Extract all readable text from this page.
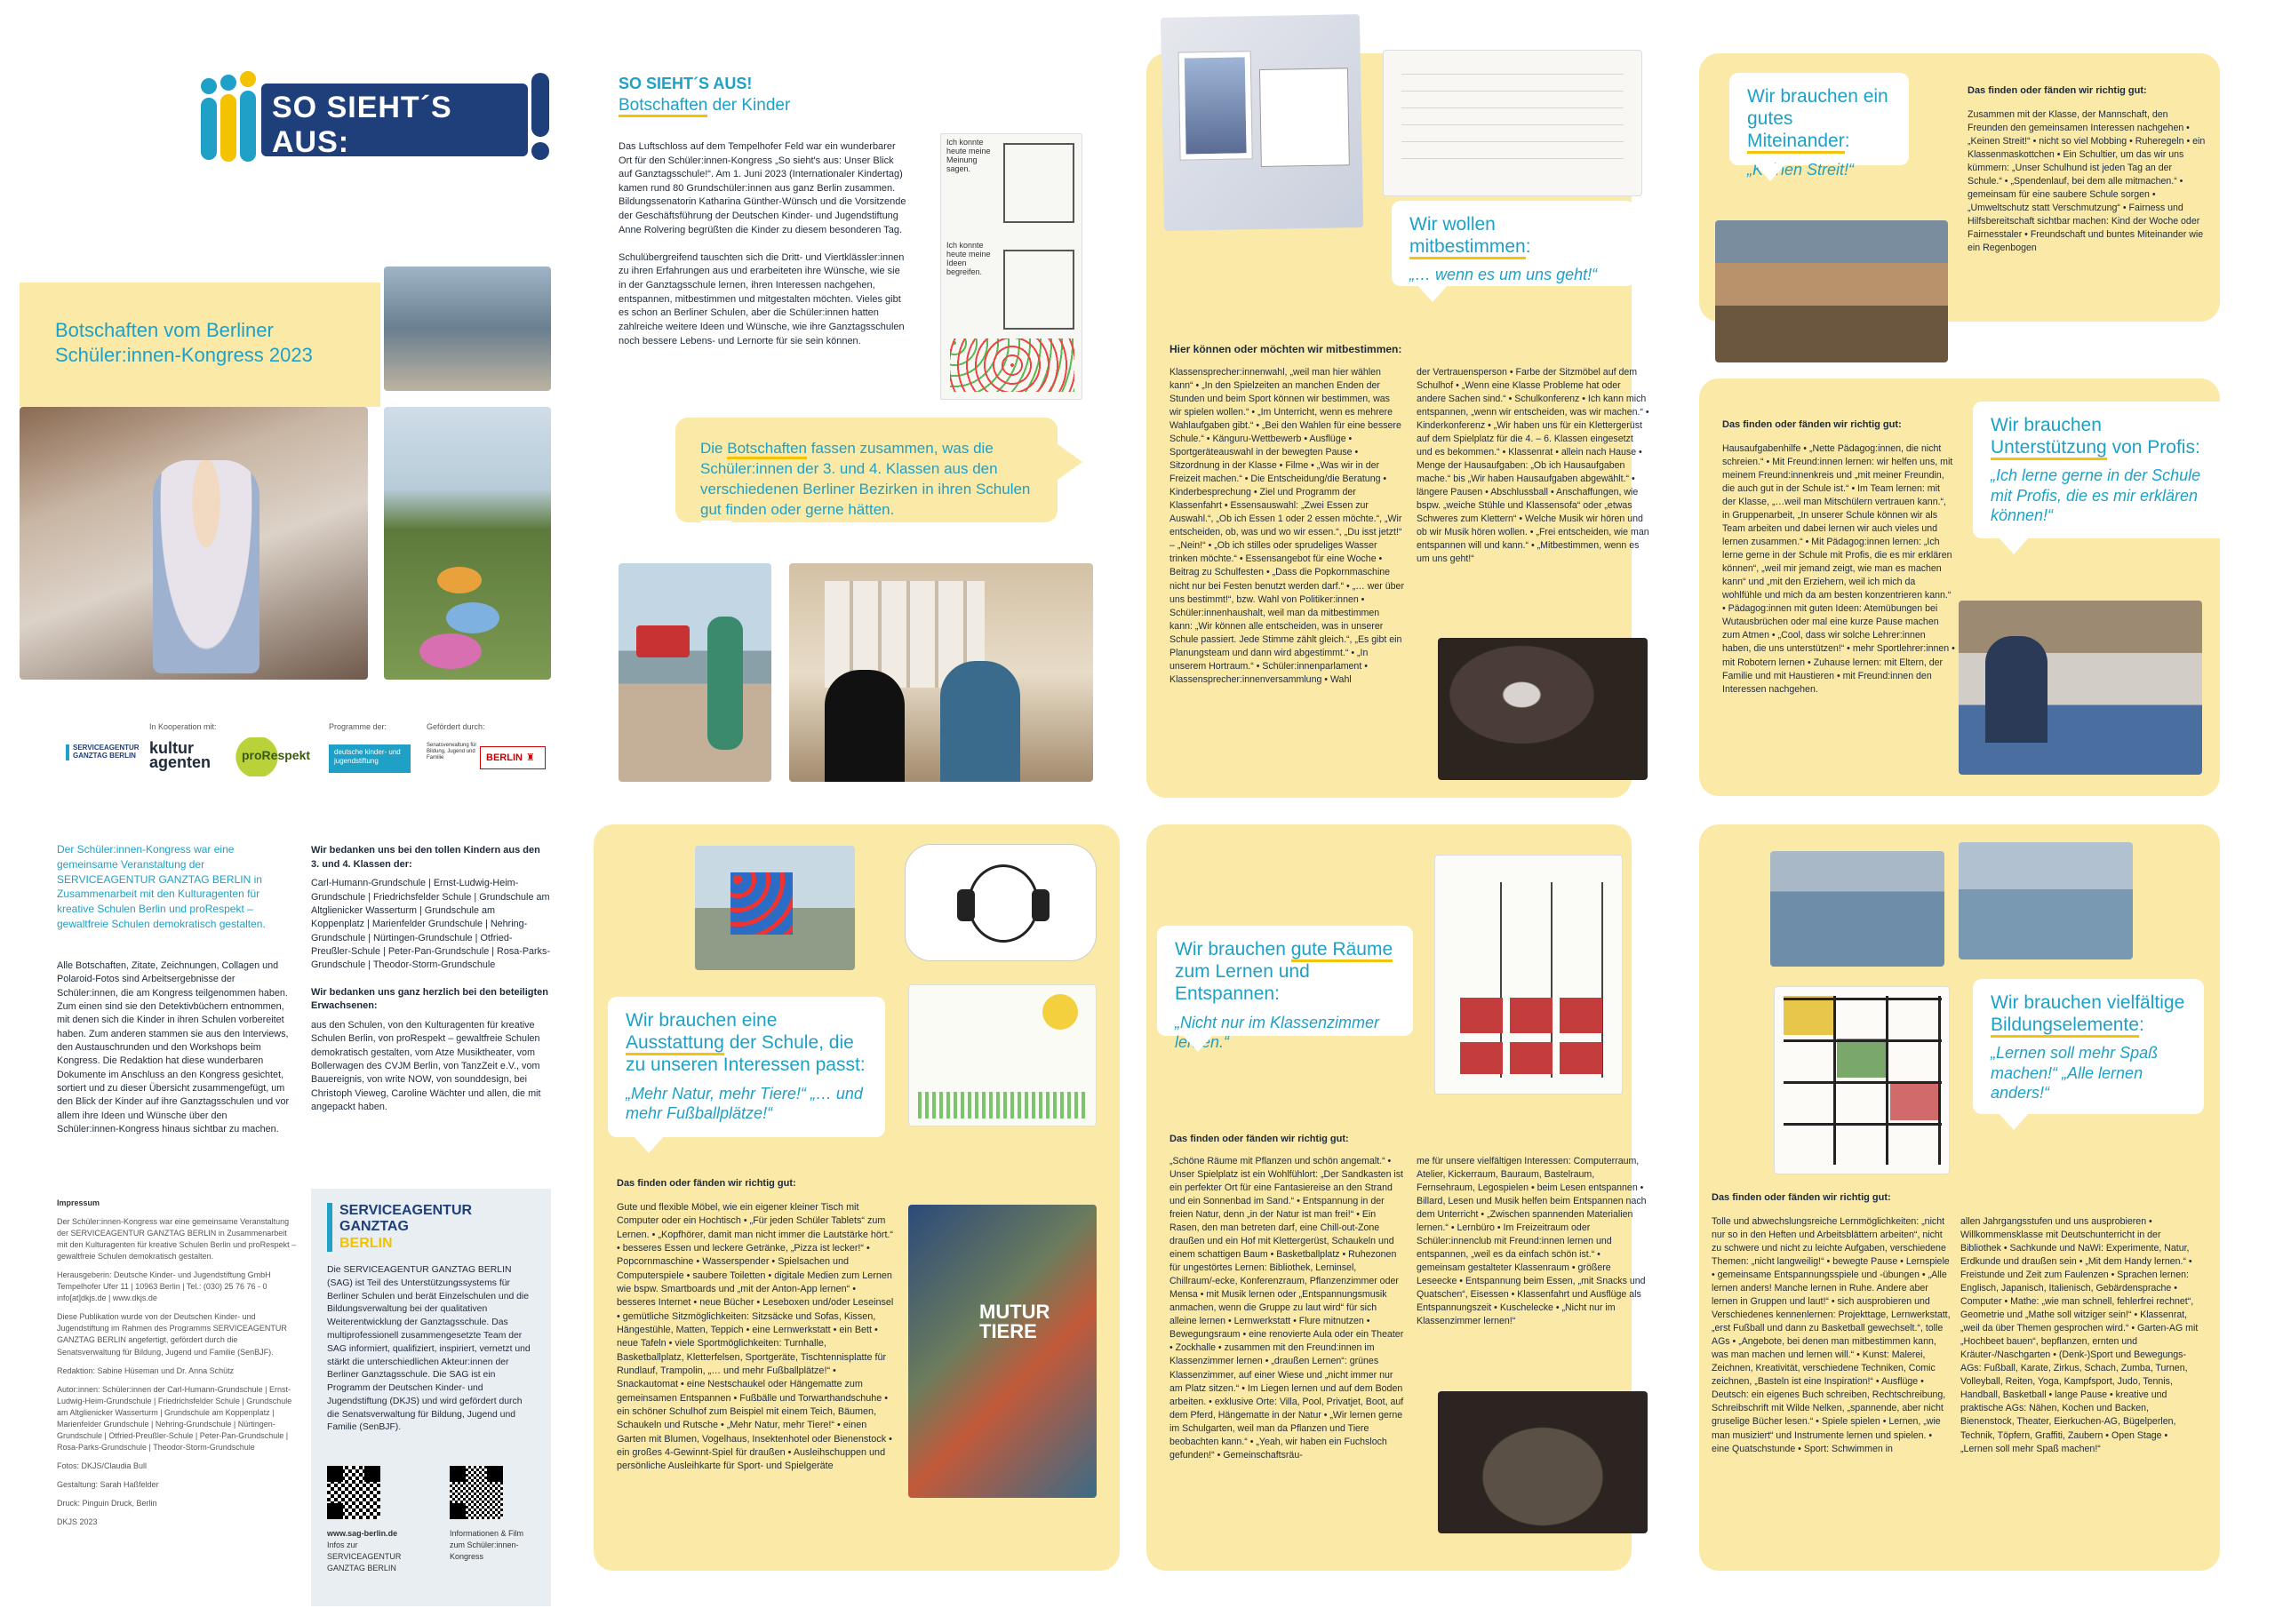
SO SIEHT´S AUS:
Unser Blick auf Ganztagsschule
Botschaften vom Berliner Schüler:innen-Kongress 2023
In Kooperation mit:	Programme der:	Gefördert durch:
SERVICEAGENTUR GANZTAG BERLIN kultur agenten	proRespekt	deutsche kinder- und jugendstiftung
Senatsverwaltung für Bildung, Jugend und Familie	BERLIN ♜
SO SIEHT´S AUS!
Botschaften der Kinder

Das Luftschloss auf dem Tempelhofer Feld war ein wunderbarer Ort für den Schüler:innen-Kongress „So sieht's aus: Unser Blick auf Ganztagsschule!“. Am 1. Juni 2023 (Internationaler Kindertag) kamen rund 80 Grundschüler:innen aus ganz Berlin zusammen. Bildungssenatorin Katharina Günther-Wünsch und die Vorsitzende der Geschäftsführung der Deutschen Kinder- und Jugendstiftung Anne Rolvering begrüßten die Kinder zu diesem besonderen Tag.

Schulübergreifend tauschten sich die Dritt- und Viertklässler:innen zu ihren Erfahrungen aus und erarbeiteten ihre Wünsche, wie sie in der Ganztagsschule lernen, ihren Interessen nachgehen, entspannen, mitbestimmen und mitgestalten möchten. Vieles gibt es schon an Berliner Schulen, aber die Schüler:innen hatten zahlreiche weitere Ideen und Wünsche, wie ihre Ganztagsschulen noch bessere Lebens- und Lernorte für sie sein können.

Ich konnte heute meine Meinung sagen.
Ich konnte heute meine Ideen begreifen.
Die Botschaften fassen zusammen, was die Schüler:innen der 3. und 4. Klassen aus den verschiedenen Berliner Bezirken in ihren Schulen gut finden oder gerne hätten.
Wir wollen mitbestimmen:
„… wenn es um uns geht!“
Hier können oder möchten wir mitbestimmen:
Klassensprecher:innenwahl, „weil man hier wählen kann“ • „In den Spielzeiten an manchen Enden der Stunden und beim Sport können wir bestimmen, was wir spielen wollen.“ • „Im Unterricht, wenn es mehrere Wahlaufgaben gibt.“ • „Bei den Wahlen für eine bessere Schule.“ • Känguru-Wettbewerb • Ausflüge • Sportgeräteauswahl in der bewegten Pause • Sitzordnung in der Klasse • Filme • „Was wir in der Freizeit machen.“ • Die Entscheidung/die Beratung • Kinderbesprechung • Ziel und Programm der Klassenfahrt • Essensauswahl: „Zwei Essen zur Auswahl.“, „Ob ich Essen 1 oder 2 essen möchte.“, „Wir entscheiden, ob, was und wo wir essen.“, „Du isst jetzt!“ – „Nein!“ • „Ob ich stilles oder sprudeliges Wasser trinken möchte.“ • Essensangebot für eine Woche • Beitrag zu Schulfesten • „Dass die Popkornmaschine nicht nur bei Festen benutzt werden darf.“ • „… wer über uns bestimmt!“, bzw. Wahl von Politiker:innen • Schüler:innenhaushalt, weil man da mitbestimmen kann: „Wir können alle entscheiden, was in unserer Schule passiert. Jede Stimme zählt gleich.“, „Es gibt ein Planungsteam und dann wird abgestimmt.“ • „In unserem Hortraum.“ • Schüler:innenparlament • Klassensprecher:innenversammlung • Wahl
der Vertrauensperson • Farbe der Sitzmöbel auf dem Schulhof • „Wenn eine Klasse Probleme hat oder andere Sachen sind.“ • Schulkonferenz • Ich kann mich entspannen, „wenn wir entscheiden, was wir machen.“ • Kinderkonferenz • „Wir haben uns für ein Klettergerüst auf dem Spielplatz für die 4. – 6. Klassen eingesetzt und es bekommen.“ • Klassenrat • allein nach Hause • Menge der Hausaufgaben: „Ob ich Hausaufgaben mache.“ bis „Wir haben Hausaufgaben abgewählt.“ • längere Pausen • Abschlussball • Anschaffungen, wie bspw. „weiche Stühle und Klassensofa“ oder „etwas Schweres zum Klettern“ • Welche Musik wir hören und ob wir Musik hören wollen. • „Frei entscheiden, wie man entspannen will und kann.“ • „Mitbestimmen, wenn es um uns geht!“
Wir brauchen ein gutes Miteinander:
„Keinen Streit!“
Das finden oder fänden wir richtig gut:
Zusammen mit der Klasse, der Mannschaft, den Freunden den gemeinsamen Interessen nachgehen • „Keinen Streit!“ • nicht so viel Mobbing • Ruheregeln • ein Klassenmaskottchen • Ein Schultier, um das wir uns kümmern: „Unser Schulhund ist jeden Tag an der Schule.“ • „Spendenlauf, bei dem alle mitmachen.“ • gemeinsam für eine saubere Schule sorgen • „Umweltschutz statt Verschmutzung“ • Fairness und Hilfsbereitschaft sichtbar machen: Kind der Woche oder Fairnesstaler • Freundschaft und buntes Miteinander wie ein Regenbogen
Wir brauchen Unterstützung von Profis:
„Ich lerne gerne in der Schule mit Profis, die es mir erklären können!“
Das finden oder fänden wir richtig gut:
Hausaufgabenhilfe • „Nette Pädagog:innen, die nicht schreien.“ • Mit Freund:innen lernen: wir helfen uns, mit meinem Freund:innenkreis und „mit meiner Freundin, die auch gut in der Schule ist.“ • Im Team lernen: mit der Klasse, „…weil man Mitschülern vertrauen kann.“, in Gruppenarbeit, „In unserer Schule können wir als Team arbeiten und dabei lernen wir auch vieles und lernen zusammen.“ • Mit Pädagog:innen lernen: „Ich lerne gerne in der Schule mit Profis, die es mir erklären können“, „weil mir jemand zeigt, wie man es machen kann“ und „mit den Erziehern, weil ich mich da wohlfühle und mich da am besten konzentrieren kann.“ • Pädagog:innen mit guten Ideen: Atemübungen bei Wutausbrüchen oder mal eine kurze Pause machen zum Atmen • „Cool, dass wir solche Lehrer:innen haben, die uns unterstützen!“ • mehr Sportlehrer:innen • mit Robotern lernen • Zuhause lernen: mit Eltern, der Familie und mit Haustieren • mit Freund:innen den Interessen nachgehen.
Der Schüler:innen-Kongress war eine gemeinsame Veranstaltung der SERVICEAGENTUR GANZTAG BERLIN in Zusammenarbeit mit den Kulturagenten für kreative Schulen Berlin und proRespekt – gewaltfreie Schulen demokratisch gestalten.
Alle Botschaften, Zitate, Zeichnungen, Collagen und Polaroid-Fotos sind Arbeitsergebnisse der Schüler:innen, die am Kongress teilgenommen haben. Zum einen sind sie den Detektivbüchern entnommen, mit denen sich die Kinder in ihren Schulen vorbereitet haben. Zum anderen stammen sie aus den Interviews, den Austauschrunden und den Workshops beim Kongress. Die Redaktion hat diese wunderbaren Dokumente im Anschluss an den Kongress gesichtet, sortiert und zu dieser Übersicht zusammengefügt, um den Blick der Kinder auf ihre Ganztagsschulen und vor allem ihre Ideen und Wünsche über den Schüler:innen-Kongress hinaus sichtbar zu machen.

Wir bedanken uns bei den tollen Kindern aus den 3. und 4. Klassen der:

Carl-Humann-Grundschule | Ernst-Ludwig-Heim-Grundschule | Friedrichsfelder Schule | Grundschule am Altglienicker Wasserturm | Grundschule am Koppenplatz | Marienfelder Grundschule | Nehring-Grundschule | Nürtingen-Grundschule | Otfried-Preußler-Schule | Peter-Pan-Grundschule | Rosa-Parks-Grundschule | Theodor-Storm-Grundschule

Wir bedanken uns ganz herzlich bei den beteiligten Erwachsenen:

aus den Schulen, von den Kulturagenten für kreative Schulen Berlin, von proRespekt – gewaltfreie Schulen demokratisch gestalten, vom Atze Musiktheater, vom Bollerwagen des CVJM Berlin, von TanzZeit e.V., vom Bauereignis, von write NOW, von sounddesign, bei Christoph Vieweg, Caroline Wächter und allen, die mit angepackt haben.

Impressum

Der Schüler:innen-Kongress war eine gemeinsame Veranstaltung der SERVICEAGENTUR GANZTAG BERLIN in Zusammenarbeit mit den Kulturagenten für kreative Schulen Berlin und proRespekt – gewaltfreie Schulen demokratisch gestalten.

Herausgeberin: Deutsche Kinder- und Jugendstiftung GmbH Tempelhofer Ufer 11 | 10963 Berlin | Tel.: (030) 25 76 76 - 0 info[at]dkjs.de | www.dkjs.de

Diese Publikation wurde von der Deutschen Kinder- und Jugendstiftung im Rahmen des Programms SERVICEAGENTUR GANZTAG BERLIN angefertigt, gefördert durch die Senatsverwaltung für Bildung, Jugend und Familie (SenBJF).

Redaktion: Sabine Hüseman und Dr. Anna Schütz

Autor:innen: Schüler:innen der Carl-Humann-Grundschule | Ernst-Ludwig-Heim-Grundschule | Friedrichsfelder Schule | Grundschule am Altglienicker Wasserturm | Grundschule am Koppenplatz | Marienfelder Grundschule | Nehring-Grundschule | Nürtingen-Grundschule | Otfried-Preußler-Schule | Peter-Pan-Grundschule | Rosa-Parks-Grundschule | Theodor-Storm-Grundschule

Fotos: DKJS/Claudia Bull

Gestaltung: Sarah Haßfelder

Druck: Pinguin Druck, Berlin

DKJS 2023

SERVICEAGENTUR
GANZTAG
BERLIN

Die SERVICEAGENTUR GANZTAG BERLIN (SAG) ist Teil des Unterstützungssystems für Berliner Schulen und berät Einzelschulen und die Bildungsverwaltung bei der qualitativen Weiterentwicklung der Ganztagsschule. Das multiprofessionell zusammengesetzte Team der SAG informiert, qualifiziert, inspiriert, vernetzt und stärkt die unterschiedlichen Akteur:innen der Berliner Ganztagsschule. Die SAG ist ein Programm der Deutschen Kinder- und Jugendstiftung (DKJS) und wird gefördert durch die Senatsverwaltung für Bildung, Jugend und Familie (SenBJF).

www.sag-berlin.de
Infos zur SERVICEAGENTUR GANZTAG BERLIN
Informationen & Film zum Schüler:innen-Kongress
Wir brauchen eine Ausstattung der Schule, die zu unseren Interessen passt:
„Mehr Natur, mehr Tiere!“ „… und mehr Fußballplätze!“
Das finden oder fänden wir richtig gut:
Gute und flexible Möbel, wie ein eigener kleiner Tisch mit Computer oder ein Hochtisch • „Für jeden Schüler Tablets“ zum Lernen. • „Kopfhörer, damit man nicht immer die Lautstärke hört.“ • besseres Essen und leckere Getränke, „Pizza ist lecker!“ • Popcornmaschine • Wasserspender • Spielsachen und Computerspiele • saubere Toiletten • digitale Medien zum Lernen wie bspw. Smartboards und „mit der Anton-App lernen“ • besseres Internet • neue Bücher • Leseboxen und/oder Leseinsel • gemütliche Sitzmöglichkeiten: Sitzsäcke und Sofas, Kissen, Hängestühle, Matten, Teppich • eine Lernwerkstatt • ein Bett • neue Tafeln • viele Sportmöglichkeiten: Turnhalle, Basketballplatz, Kletterfelsen, Sportgeräte, Tischtennisplatte für Rundlauf, Trampolin, „… und mehr Fußballplätze!“ • Snackautomat • eine Nestschaukel oder Hängematte zum gemeinsamen Entspannen • Fußbälle und Torwarthandschuhe • ein schöner Schulhof zum Beispiel mit einem Teich, Bäumen, Schaukeln und Rutsche • „Mehr Natur, mehr Tiere!“ • einen Garten mit Blumen, Vogelhaus, Insektenhotel oder Bienenstock • ein großes 4-Gewinnt-Spiel für draußen • Ausleihschuppen und persönliche Ausleihkarte für Sport- und Spielgeräte
MUTUR TIERE
Wir brauchen gute Räume zum Lernen und Entspannen:
„Nicht nur im Klassenzimmer lernen.“
Das finden oder fänden wir richtig gut:
„Schöne Räume mit Pflanzen und schön angemalt.“ • Unser Spielplatz ist ein Wohlfühlort: „Der Sandkasten ist ein perfekter Ort für eine Fantasiereise an den Strand und ein Sonnenbad im Sand.“ • Entspannung in der freien Natur, denn „in der Natur ist man frei!“ • Ein Rasen, den man betreten darf, eine Chill-out-Zone draußen und ein Hof mit Klettergerüst, Schaukeln und einem schattigen Baum • Basketballplatz • Ruhezonen für ungestörtes Lernen: Bibliothek, Lerninsel, Chillraum/-ecke, Konferenzraum, Pflanzenzimmer oder Mensa • mit Musik lernen oder „Entspannungsmusik anmachen, wenn die Gruppe zu laut wird“ für sich alleine lernen • Lernwerkstatt • Flure mitnutzen • Bewegungsraum • eine renovierte Aula oder ein Theater • Zockhalle • zusammen mit den Freund:innen im Klassenzimmer lernen • „draußen Lernen“: grünes Klassenzimmer, auf einer Wiese und „nicht immer nur am Platz sitzen.“ • Im Liegen lernen und auf dem Boden arbeiten. • exklusive Orte: Villa, Pool, Privatjet, Boot, auf dem Pferd, Hängematte in der Natur • „Wir lernen gerne im Schulgarten, weil man da Pflanzen und Tiere beobachten kann.“ • „Yeah, wir haben ein Fuchsloch gefunden!“ • Gemeinschaftsräu-
me für unsere vielfältigen Interessen: Computerraum, Atelier, Kickerraum, Bauraum, Bastelraum, Fernsehraum, Legospielen • beim Lesen entspannen • Billard, Lesen und Musik helfen beim Entspannen nach dem Unterricht • „Zwischen spannenden Materialien lernen.“ • Lernbüro • Im Freizeitraum oder Schüler:innenclub mit Freund:innen lernen und entspannen, „weil es da einfach schön ist.“ • gemeinsam gestalteter Klassenraum • größere Leseecke • Entspannung beim Essen, „mit Snacks und Quatschen“, Eisessen • Klassenfahrt und Ausflüge als Entspannungszeit • Kuschelecke • „Nicht nur im Klassenzimmer lernen!“
Wir brauchen vielfältige Bildungselemente:
„Lernen soll mehr Spaß machen!“ „Alle lernen anders!“
Das finden oder fänden wir richtig gut:
Tolle und abwechslungsreiche Lernmöglichkeiten: „nicht nur so in den Heften und Arbeitsblättern arbeiten“, nicht zu schwere und nicht zu leichte Aufgaben, verschiedene Themen: „nicht langweilig!“ • bewegte Pause • Lernspiele • gemeinsame Entspannungsspiele und -übungen • „Alle lernen anders! Manche lernen in Ruhe. Andere aber lernen in Gruppen und laut!“ • sich ausprobieren und Verschiedenes kennenlernen: Projekttage, Lernwerkstatt, „erst Fußball und dann zu Basketball gewechselt.“, tolle AGs • „Angebote, bei denen man mitbestimmen kann, was man machen und lernen will.“ • Kunst: Malerei, Zeichnen, Kreativität, verschiedene Techniken, Comic zeichnen, „Basteln ist eine Inspiration!“ • Ausflüge • Deutsch: ein eigenes Buch schreiben, Rechtschreibung, Schreibschrift mit Wilde Nelken, „spannende, aber nicht gruselige Bücher lesen.“ • Spiele spielen • Lernen, „wie man musiziert“ und Instrumente lernen und spielen. • eine Quatschstunde • Sport: Schwimmen in
allen Jahrgangsstufen und uns ausprobieren • Willkommensklasse mit Deutschunterricht in der Bibliothek • Sachkunde und NaWi: Experimente, Natur, Erdkunde und draußen sein • „Mit dem Handy lernen.“ • Freistunde und Zeit zum Faulenzen • Sprachen lernen: Englisch, Japanisch, Italienisch, Gebärdensprache • Computer • Mathe: „wie man schnell, fehlerfrei rechnet“, Geometrie und „Mathe soll witziger sein!“ • Klassenrat, „weil da über Themen gesprochen wird.“ • Garten-AG mit „Hochbeet bauen“, bepflanzen, ernten und Kräuter-/Naschgarten • (Denk-)Sport und Bewegungs-AGs: Fußball, Karate, Zirkus, Schach, Zumba, Turnen, Volleyball, Reiten, Yoga, Kampfsport, Judo, Tennis, Handball, Basketball • lange Pause • kreative und praktische AGs: Nähen, Kochen und Backen, Bienenstock, Theater, Eierkuchen-AG, Bügelperlen, Technik, Töpfern, Graffiti, Zaubern • Open Stage • „Lernen soll mehr Spaß machen!“
